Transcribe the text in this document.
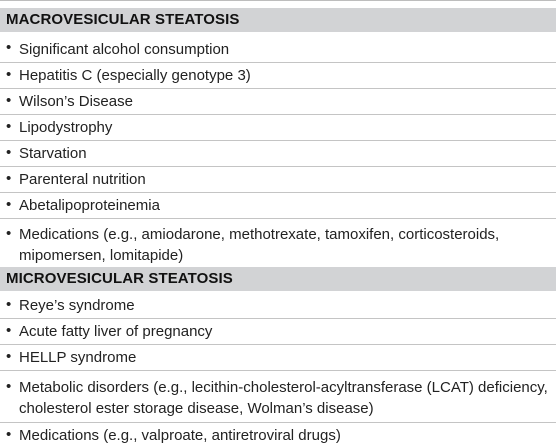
MACROVESICULAR STEATOSIS
• Significant alcohol consumption
• Hepatitis C (especially genotype 3)
• Wilson’s Disease
• Lipodystrophy
• Starvation
• Parenteral nutrition
• Abetalipoproteinemia
• Medications (e.g., amiodarone, methotrexate, tamoxifen, corticosteroids, mipomersen, lomitapide)
MICROVESICULAR STEATOSIS
• Reye’s syndrome
• Acute fatty liver of pregnancy
• HELLP syndrome
• Metabolic disorders (e.g., lecithin-cholesterol-acyltransferase (LCAT) deficiency, cholesterol ester storage disease, Wolman’s disease)
• Medications (e.g., valproate, antiretroviral drugs)
